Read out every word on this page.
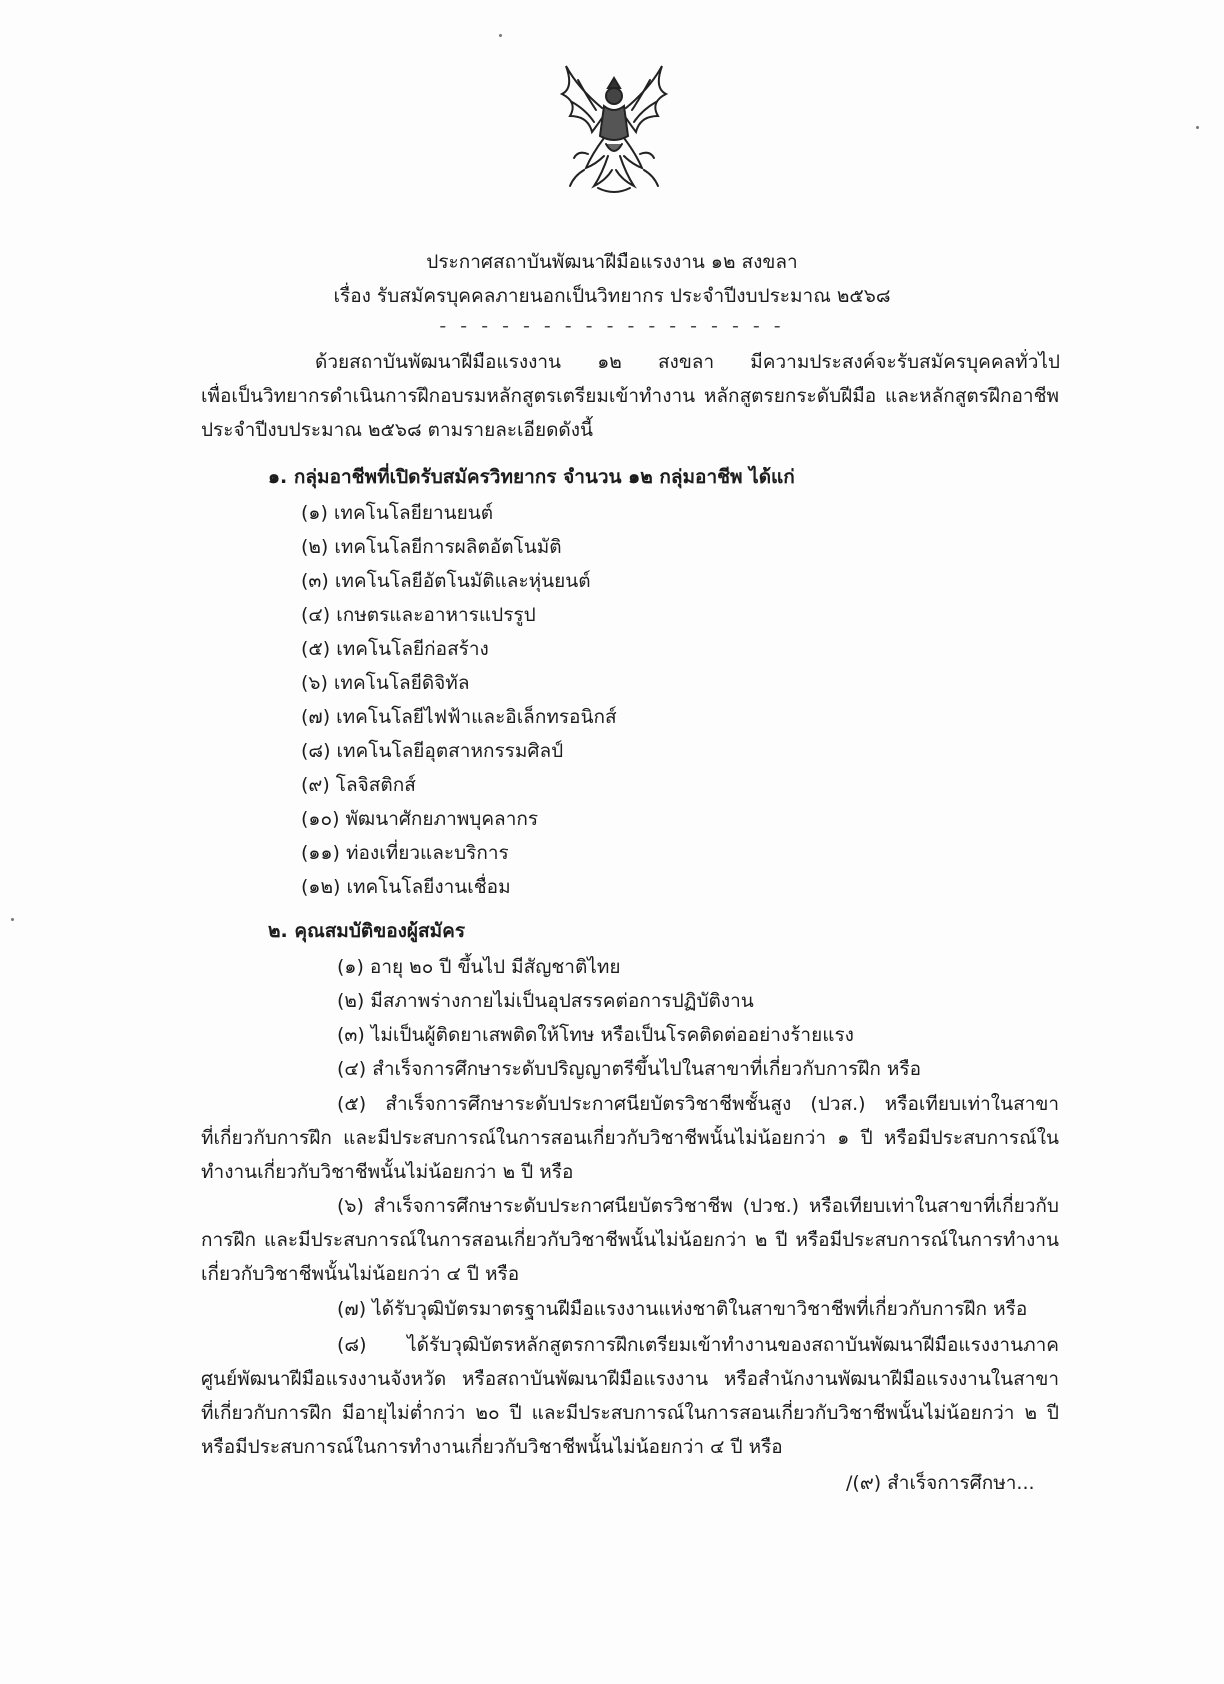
ประกาศสถาบันพัฒนาฝีมือแรงงาน ๑๒ สงขลา
เรื่อง รับสมัครบุคคลภายนอกเป็นวิทยากร ประจำปีงบประมาณ ๒๕๖๘
- - - - - - - - - - - - - - - - -
ด้วยสถาบันพัฒนาฝีมือแรงงาน ๑๒ สงขลา มีความประสงค์จะรับสมัครบุคคลทั่วไป
เพื่อเป็นวิทยากรดำเนินการฝึกอบรมหลักสูตรเตรียมเข้าทำงาน หลักสูตรยกระดับฝีมือ และหลักสูตรฝึกอาชีพ
ประจำปีงบประมาณ ๒๕๖๘ ตามรายละเอียดดังนี้
๑. กลุ่มอาชีพที่เปิดรับสมัครวิทยากร จำนวน ๑๒ กลุ่มอาชีพ ได้แก่
(๑) เทคโนโลยียานยนต์
(๒) เทคโนโลยีการผลิตอัตโนมัติ
(๓) เทคโนโลยีอัตโนมัติและหุ่นยนต์
(๔) เกษตรและอาหารแปรรูป
(๕) เทคโนโลยีก่อสร้าง
(๖) เทคโนโลยีดิจิทัล
(๗) เทคโนโลยีไฟฟ้าและอิเล็กทรอนิกส์
(๘) เทคโนโลยีอุตสาหกรรมศิลป์
(๙) โลจิสติกส์
(๑๐) พัฒนาศักยภาพบุคลากร
(๑๑) ท่องเที่ยวและบริการ
(๑๒) เทคโนโลยีงานเชื่อม
๒. คุณสมบัติของผู้สมัคร
(๑) อายุ ๒๐ ปี ขึ้นไป มีสัญชาติไทย
(๒) มีสภาพร่างกายไม่เป็นอุปสรรคต่อการปฏิบัติงาน
(๓) ไม่เป็นผู้ติดยาเสพติดให้โทษ หรือเป็นโรคติดต่ออย่างร้ายแรง
(๔) สำเร็จการศึกษาระดับปริญญาตรีขึ้นไปในสาขาที่เกี่ยวกับการฝึก หรือ
(๕) สำเร็จการศึกษาระดับประกาศนียบัตรวิชาชีพชั้นสูง (ปวส.) หรือเทียบเท่าในสาขา
ที่เกี่ยวกับการฝึก และมีประสบการณ์ในการสอนเกี่ยวกับวิชาชีพนั้นไม่น้อยกว่า ๑ ปี หรือมีประสบการณ์ใน
ทำงานเกี่ยวกับวิชาชีพนั้นไม่น้อยกว่า ๒ ปี หรือ
(๖) สำเร็จการศึกษาระดับประกาศนียบัตรวิชาชีพ (ปวช.) หรือเทียบเท่าในสาขาที่เกี่ยวกับ
การฝึก และมีประสบการณ์ในการสอนเกี่ยวกับวิชาชีพนั้นไม่น้อยกว่า ๒ ปี หรือมีประสบการณ์ในการทำงาน
เกี่ยวกับวิชาชีพนั้นไม่น้อยกว่า ๔ ปี หรือ
(๗) ได้รับวุฒิบัตรมาตรฐานฝีมือแรงงานแห่งชาติในสาขาวิชาชีพที่เกี่ยวกับการฝึก หรือ
(๘) ได้รับวุฒิบัตรหลักสูตรการฝึกเตรียมเข้าทำงานของสถาบันพัฒนาฝีมือแรงงานภาค
ศูนย์พัฒนาฝีมือแรงงานจังหวัด หรือสถาบันพัฒนาฝีมือแรงงาน หรือสำนักงานพัฒนาฝีมือแรงงานในสาขา
ที่เกี่ยวกับการฝึก มีอายุไม่ต่ำกว่า ๒๐ ปี และมีประสบการณ์ในการสอนเกี่ยวกับวิชาชีพนั้นไม่น้อยกว่า ๒ ปี
หรือมีประสบการณ์ในการทำงานเกี่ยวกับวิชาชีพนั้นไม่น้อยกว่า ๔ ปี หรือ
/(๙) สำเร็จการศึกษา...
